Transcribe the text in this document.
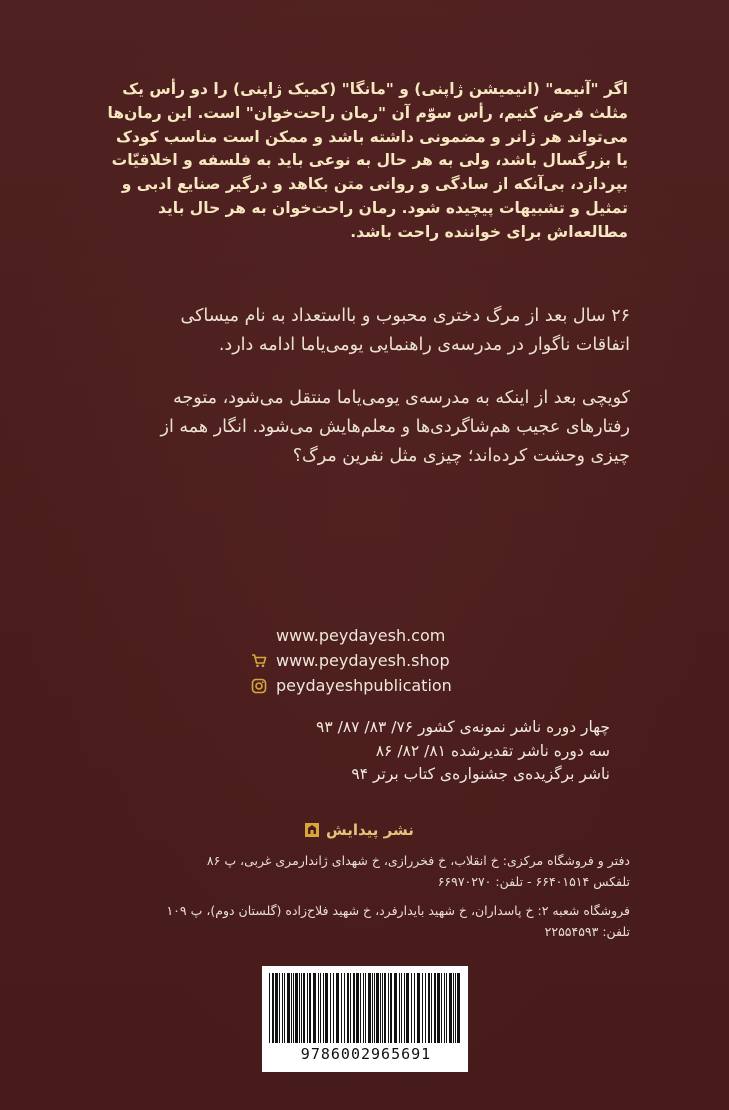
اگر "آنیمه" (انیمیشن ژاپنی) و "مانگا" (کمیک ژاپنی) را دو رأس یک

مثلث فرض کنیم، رأس سوّم آن "رمان راحت‌خوان" است. این رمان‌ها

می‌تواند هر ژانر و مضمونی داشته باشد و ممکن است مناسب کودک

یا بزرگسال باشد، ولی به هر حال به نوعی باید به فلسفه و اخلاقیّات

بپردازد، بی‌آنکه از سادگی و روانی متن بکاهد و درگیر صنایع ادبی و

تمثیل و تشبیهات پیچیده شود. رمان راحت‌خوان به هر حال باید

مطالعه‌اش برای خواننده راحت باشد.

۲۶ سال بعد از مرگ دختری محبوب و بااستعداد به نام میساکی

اتفاقات ناگوار در مدرسه‌ی راهنمایی یومی‌یاما ادامه دارد.

کویچی بعد از اینکه به مدرسه‌ی یومی‌یاما منتقل می‌شود، متوجه

رفتارهای عجیب هم‌شاگردی‌ها و معلم‌هایش می‌شود. انگار همه از

چیزی وحشت کرده‌اند؛ چیزی مثل نفرین مرگ؟

www.peydayesh.com
www.peydayesh.shop
peydayeshpublication

چهار دوره ناشر نمونه‌ی کشور ۷۶/ ۸۳/ ۸۷/ ۹۳

سه دوره ناشر تقدیرشده ۸۱/ ۸۲/ ۸۶

ناشر برگزیده‌ی جشنواره‌ی کتاب برتر ۹۴

نشر پیدایش

دفتر و فروشگاه مرکزی: خ انقلاب، خ فخررازی، خ شهدای ژاندارمری غربی، پ ۸۶

تلفکس ۶۶۴۰۱۵۱۴ - تلفن: ۶۶۹۷۰۲۷۰

فروشگاه شعبه ۲: خ پاسداران، خ شهید بایدارفرد، خ شهید فلاح‌زاده (گلستان دوم)، پ ۱۰۹

تلفن: ۲۲۵۵۴۵۹۳

9786002965691
